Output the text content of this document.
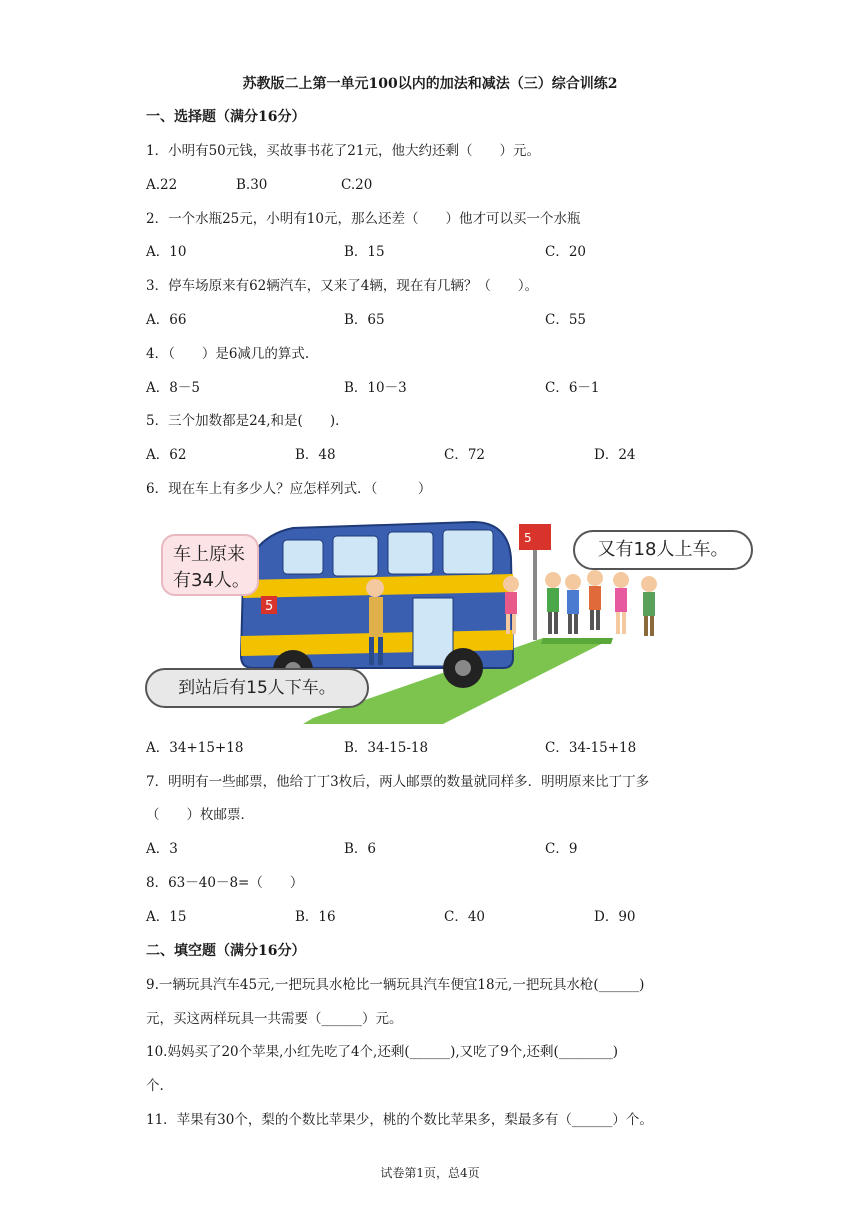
苏教版二上第一单元100以内的加法和减法（三）综合训练2
一、选择题（满分16分）
1．小明有50元钱，买故事书花了21元，他大约还剩（　　）元。
A.22	B.30	C.20
2．一个水瓶25元，小明有10元，那么还差（　　）他才可以买一个水瓶
A．10	B．15	C．20
3．停车场原来有62辆汽车，又来了4辆，现在有几辆？（　　）。
A．66	B．65	C．55
4．（　　）是6减几的算式.
A．8－5	B．10－3	C．6－1
5．三个加数都是24,和是(　　)．
A．62	B．48	C．72	D．24
6．现在车上有多少人？应怎样列式．（　　　）
5
5
车上原来
有34人。
又有18人上车。
到站后有15人下车。
A．34+15+18	B．34-15-18	C．34-15+18
7．明明有一些邮票，他给丁丁3枚后，两人邮票的数量就同样多．明明原来比丁丁多
（　　）枚邮票．
A．3	B．6	C．9
8．63－40－8=（　　）
A．15	B．16	C．40	D．90
二、填空题（满分16分）
9.一辆玩具汽车45元,一把玩具水枪比一辆玩具汽车便宜18元,一把玩具水枪(______)
元，买这两样玩具一共需要（______）元。
10.妈妈买了20个苹果,小红先吃了4个,还剩(______),又吃了9个,还剩(________)
个.
11．苹果有30个，梨的个数比苹果少，桃的个数比苹果多，梨最多有（______）个。
试卷第1页，总4页
